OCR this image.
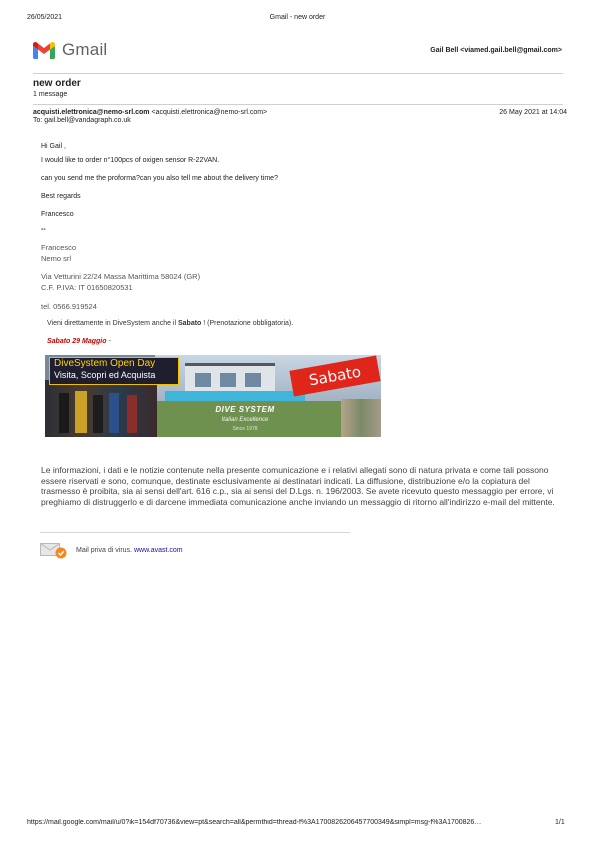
26/05/2021	Gmail - new order
Gmail	Gail Bell <viamed.gail.bell@gmail.com>
new order
1 message
acquisti.elettronica@nemo-srl.com <acquisti.elettronica@nemo-srl.com>	26 May 2021 at 14:04
To: gail.bell@vandagraph.co.uk
Hi Gail ,
I would like to order n°100pcs of oxigen sensor R-22VAN.
can you send me the proforma?can you also tell me about the delivery time?
Best regards
Francesco
--
Francesco
Nemo srl
Via Vetturini 22/24 Massa Marittima 58024 (GR)
C.F. P.IVA: IT 01650820531
tel. 0566.919524
Vieni direttamente in DiveSystem anche il Sabato ! (Prenotazione obbligatoria).
Sabato 29 Maggio -
DiveSystem Open Day
Visita, Scopri ed Acquista	Sabato
DIVE SYSTEM
Italian Excellence
Since 1978
Le informazioni, i dati e le notizie contenute nella presente comunicazione e i relativi allegati sono di natura privata e come tali possono essere riservati e sono, comunque, destinate esclusivamente ai destinatari indicati. La diffusione, distribuzione e/o la copiatura del trasmesso è proibita, sia ai sensi dell'art. 616 c.p., sia ai sensi del D.Lgs. n. 196/2003. Se avete ricevuto questo messaggio per errore, vi preghiamo di distruggerlo e di darcene immediata comunicazione anche inviando un messaggio di ritorno all'indirizzo e-mail del mittente.
Mail priva di virus. www.avast.com
https://mail.google.com/mail/u/0?ik=154df70736&view=pt&search=all&permthid=thread-f%3A1700826206457700349&simpl=msg-f%3A1700826…	1/1
